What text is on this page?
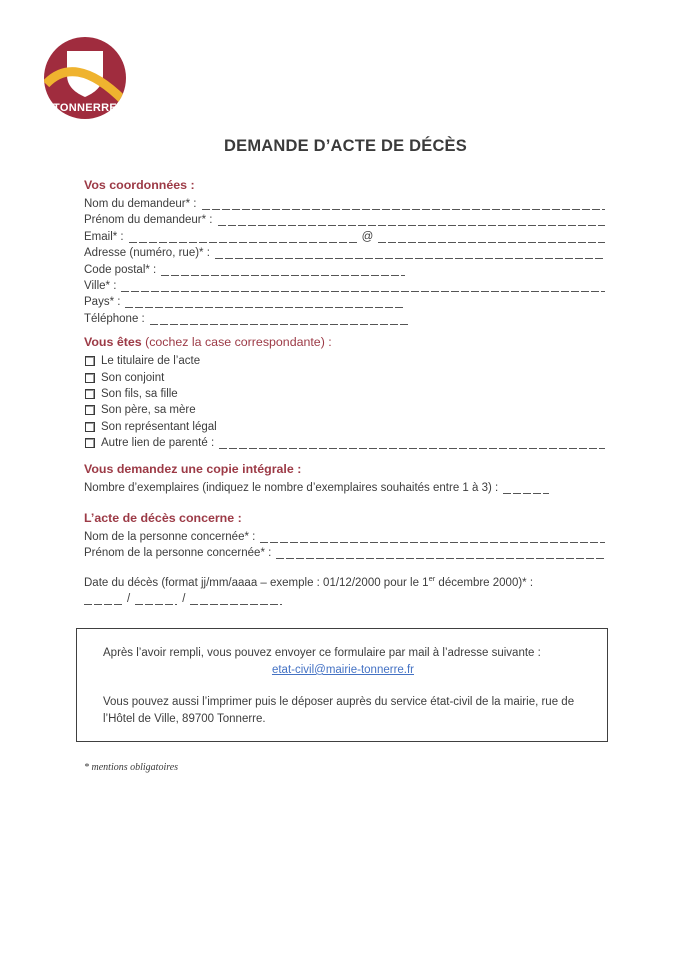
TONNERRE
DEMANDE D’ACTE DE DÉCÈS

Vos coordonnées :

Nom du demandeur* :
Prénom du demandeur* :
Email* :	@
Adresse (numéro, rue)* :
Code postal* :
Ville* :
Pays* :
Téléphone :

Vous êtes (cochez la case correspondante) :

Le titulaire de l’acte
Son conjoint
Son fils, sa fille
Son père, sa mère
Son représentant légal
Autre lien de parenté :

Vous demandez une copie intégrale :

Nombre d’exemplaires (indiquez le nombre d’exemplaires souhaités entre 1 à 3) :

L’acte de décès concerne :

Nom de la personne concernée* :
Prénom de la personne concernée* :

Date du décès (format jj/mm/aaaa – exemple : 01/12/2000 pour le 1er décembre 2000)* :

/	/

Après l’avoir rempli, vous pouvez envoyer ce formulaire par mail à l’adresse suivante :

etat-civil@mairie-tonnerre.fr

Vous pouvez aussi l’imprimer puis le déposer auprès du service état-civil de la mairie, rue de l’Hôtel de Ville, 89700 Tonnerre.

* mentions obligatoires
